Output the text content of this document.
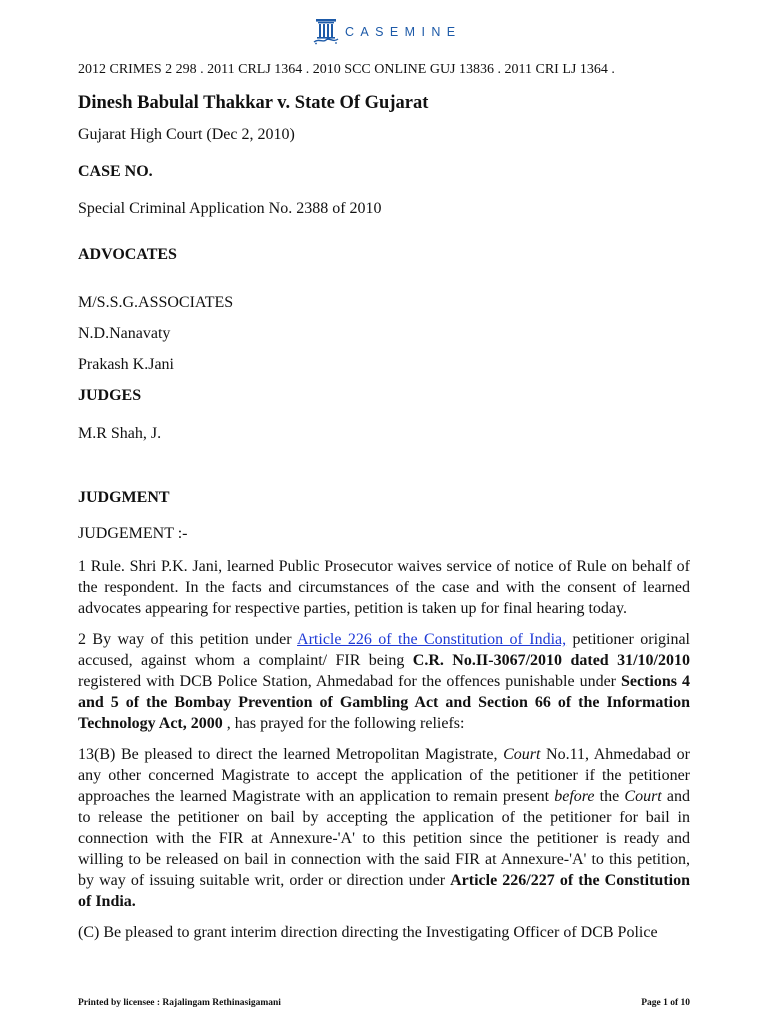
CASEMINE

2012 CRIMES 2 298 . 2011 CRLJ 1364 . 2010 SCC ONLINE GUJ 13836 . 2011 CRI LJ 1364 .

Dinesh Babulal Thakkar v. State Of Gujarat

Gujarat High Court (Dec 2, 2010)

CASE NO.

Special Criminal Application No. 2388 of 2010

ADVOCATES

M/S.S.G.ASSOCIATES

N.D.Nanavaty

Prakash K.Jani

JUDGES

M.R Shah, J.

JUDGMENT

JUDGEMENT :-

1 Rule. Shri P.K. Jani, learned Public Prosecutor waives service of notice of Rule on behalf of the respondent. In the facts and circumstances of the case and with the consent of learned advocates appearing for respective parties, petition is taken up for final hearing today.

2 By way of this petition under Article 226 of the Constitution of India, petitioner original accused, against whom a complaint/ FIR being C.R. No.II-3067/2010 dated 31/10/2010 registered with DCB Police Station, Ahmedabad for the offences punishable under Sections 4 and 5 of the Bombay Prevention of Gambling Act and Section 66 of the Information Technology Act, 2000 , has prayed for the following reliefs:

13(B) Be pleased to direct the learned Metropolitan Magistrate, Court No.11, Ahmedabad or any other concerned Magistrate to accept the application of the petitioner if the petitioner approaches the learned Magistrate with an application to remain present before the Court and to release the petitioner on bail by accepting the application of the petitioner for bail in connection with the FIR at Annexure-'A' to this petition since the petitioner is ready and willing to be released on bail in connection with the said FIR at Annexure-'A' to this petition, by way of issuing suitable writ, order or direction under Article 226/227 of the Constitution of India.

(C) Be pleased to grant interim direction directing the Investigating Officer of DCB Police

Printed by licensee : Rajalingam Rethinasigamani	Page 1 of 10
